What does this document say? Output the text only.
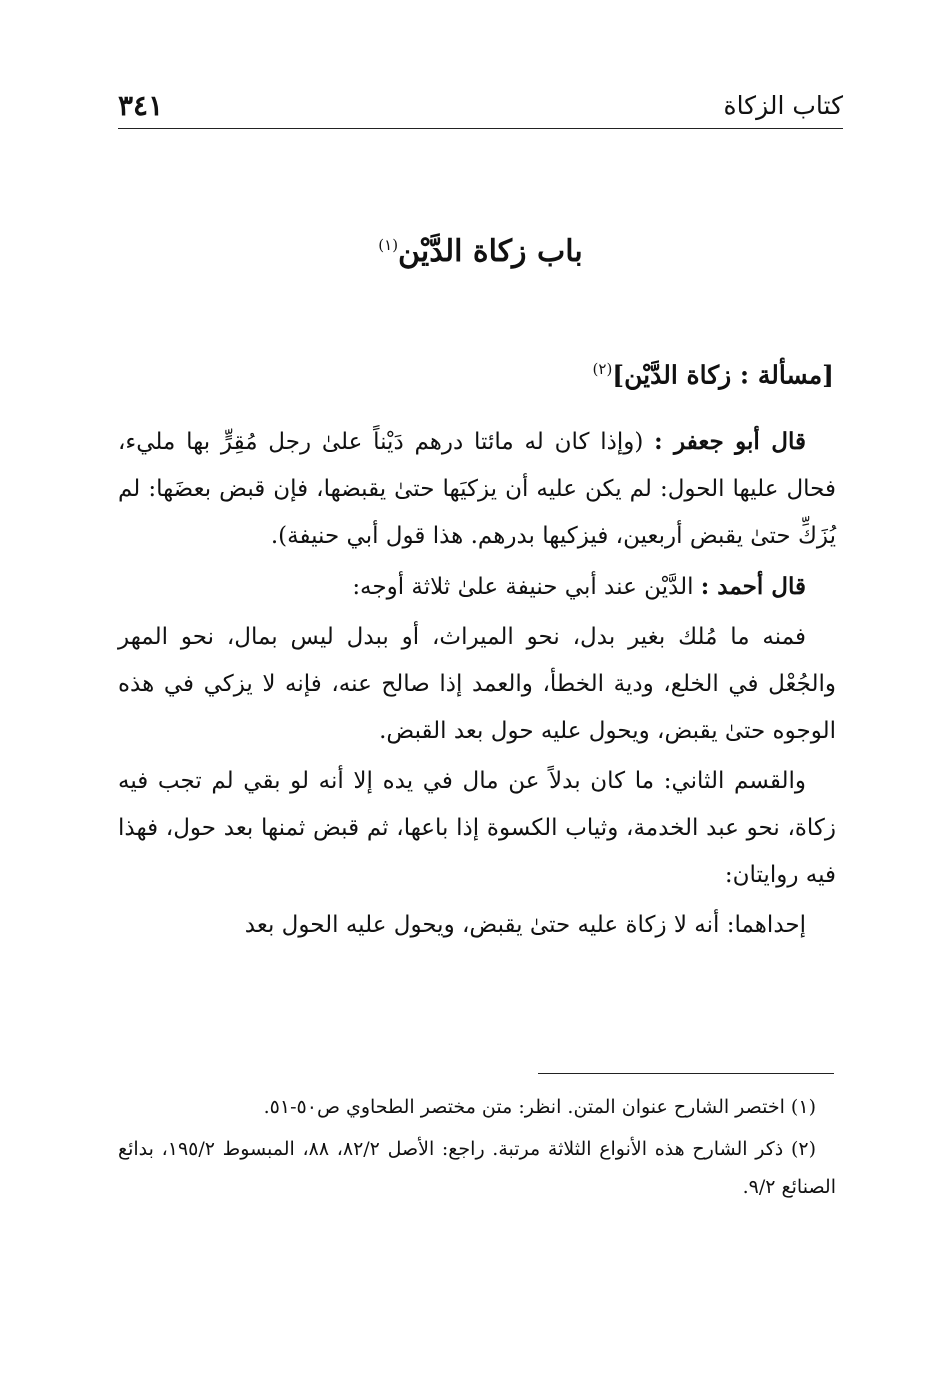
كتاب الزكاة
٣٤١
باب زكاة الدَّيْن$^{(١)}$
[مسألة : زكاة الدَّيْن]$^{(٢)}$

قال أبو جعفر : (وإذا كان له مائتا درهم دَيْناً علىٰ رجل مُقِرٍّ بها مليء، فحال عليها الحول: لم يكن عليه أن يزكيَها حتىٰ يقبضها، فإن قبض بعضَها: لم يُزَكِّ حتىٰ يقبض أربعين، فيزكيها بدرهم. هذا قول أبي حنيفة).

قال أحمد : الدَّيْن عند أبي حنيفة علىٰ ثلاثة أوجه:

فمنه ما مُلك بغير بدل، نحو الميراث، أو ببدل ليس بمال، نحو المهر والجُعْل في الخلع، ودية الخطأ، والعمد إذا صالح عنه، فإنه لا يزكي في هذه الوجوه حتىٰ يقبض، ويحول عليه حول بعد القبض.

والقسم الثاني: ما كان بدلاً عن مال في يده إلا أنه لو بقي لم تجب فيه زكاة، نحو عبد الخدمة، وثياب الكسوة إذا باعها، ثم قبض ثمنها بعد حول، فهذا فيه روايتان:

إحداهما: أنه لا زكاة عليه حتىٰ يقبض، ويحول عليه الحول بعد

(١) اختصر الشارح عنوان المتن. انظر: متن مختصر الطحاوي ص٥٠-٥١.

(٢) ذكر الشارح هذه الأنواع الثلاثة مرتبة. راجع: الأصل ٨٢/٢، ٨٨، المبسوط ١٩٥/٢، بدائع الصنائع ٩/٢.
